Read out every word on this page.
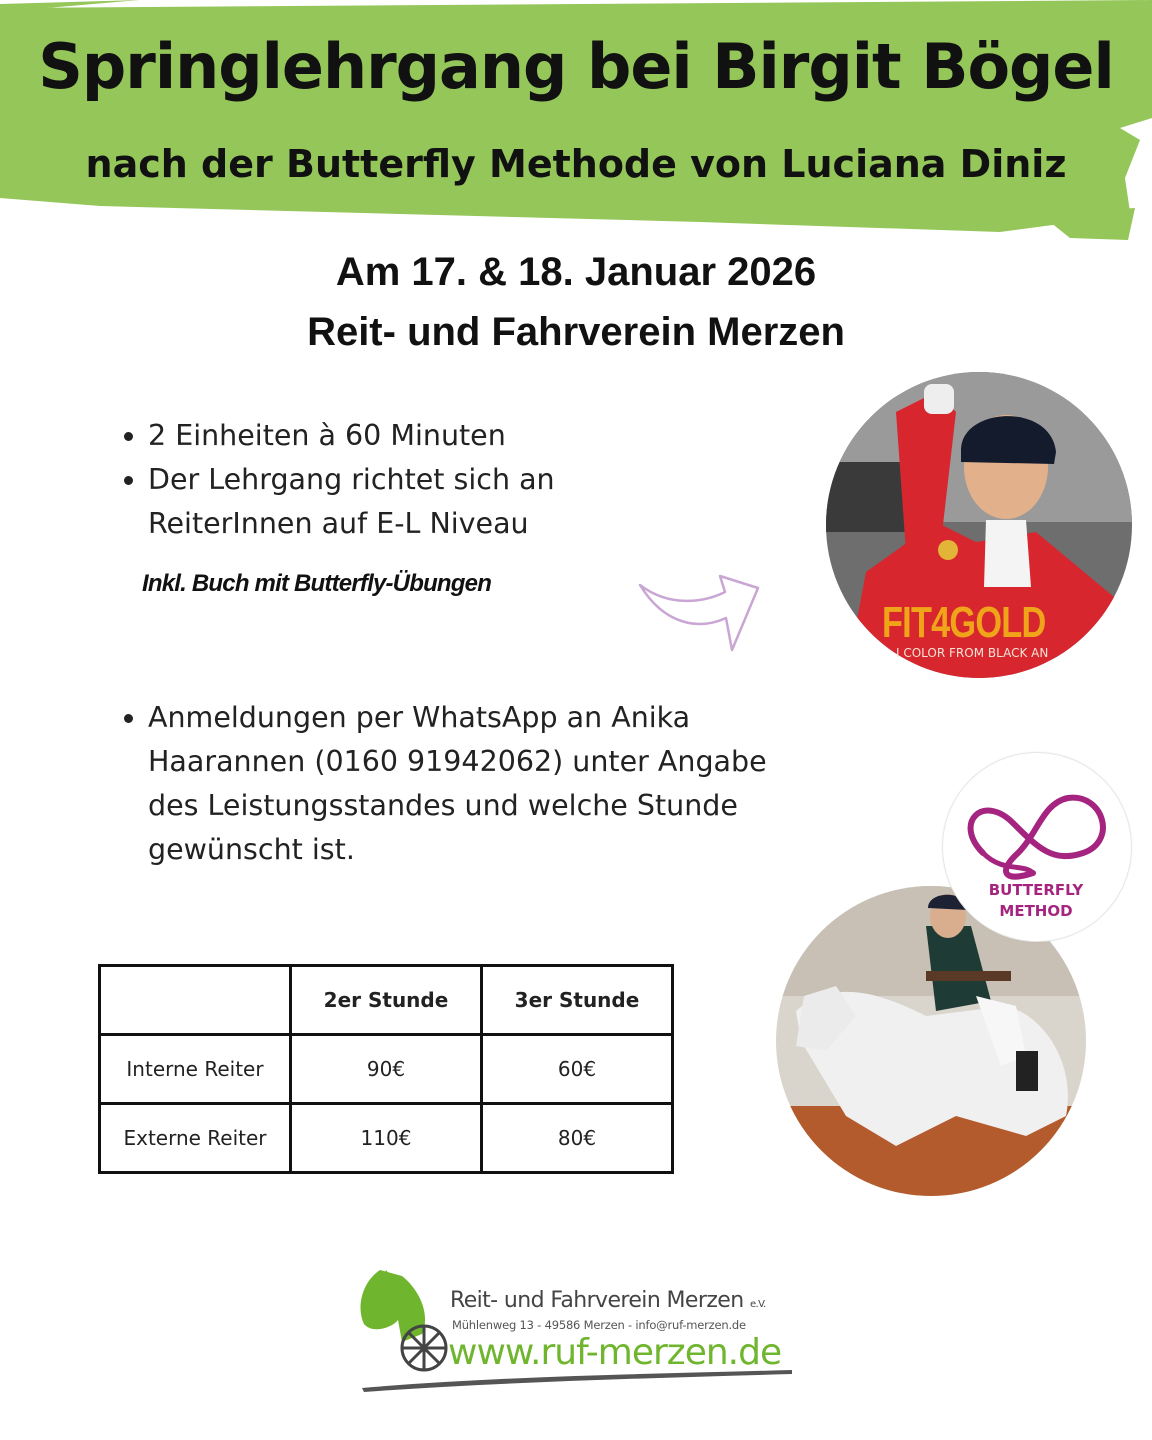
Springlehrgang bei Birgit Bögel
nach der Butterfly Methode von Luciana Diniz
Am 17. & 18. Januar 2026
Reit- und Fahrverein Merzen
• 2 Einheiten à 60 Minuten
• Der Lehrgang richtet sich an ReiterInnen auf E-L Niveau
Inkl. Buch mit Butterfly-Übungen
FIT4GOLD
I COLOR FROM BLACK AN
BUTTERFLY
METHOD
• Anmeldungen per WhatsApp an Anika Haarannen (0160 91942062) unter Angabe des Leistungsstandes und welche Stunde gewünscht ist.
	2er Stunde	3er Stunde
Interne Reiter	90€	60€
Externe Reiter	110€	80€
Reit- und Fahrverein Merzen e.V.
Mühlenweg 13 - 49586 Merzen - info@ruf-merzen.de
www.ruf-merzen.de
